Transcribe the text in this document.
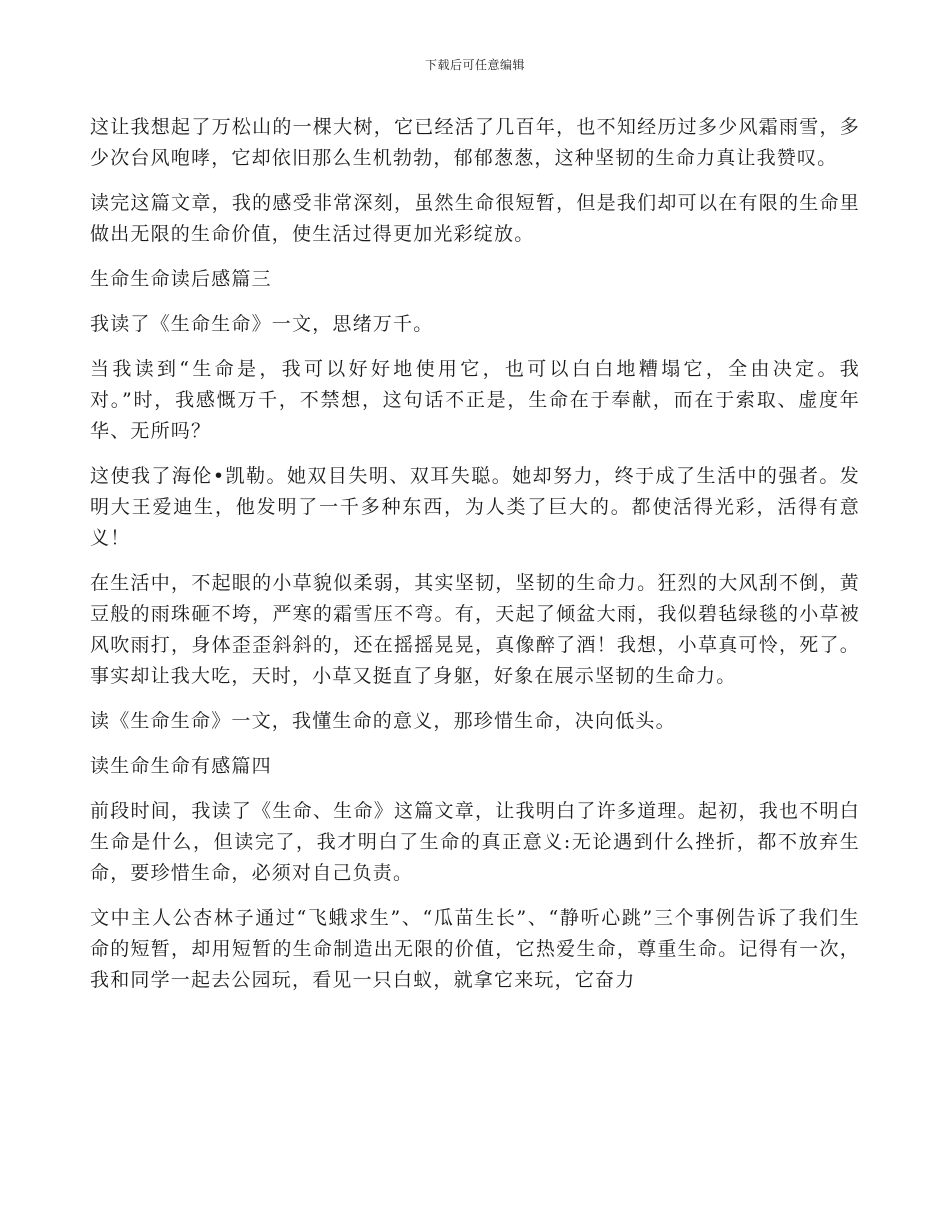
下载后可任意编辑

这让我想起了万松山的一棵大树，它已经活了几百年，也不知经历过多少风霜雨雪，多少次台风咆哮，它却依旧那么生机勃勃，郁郁葱葱，这种坚韧的生命力真让我赞叹。

读完这篇文章，我的感受非常深刻，虽然生命很短暂，但是我们却可以在有限的生命里做出无限的生命价值，使生活过得更加光彩绽放。

生命生命读后感篇三

我读了《生命生命》一文，思绪万千。

当我读到“生命是，我可以好好地使用它，也可以白白地糟塌它，全由决定。我对。”时，我感慨万千，不禁想，这句话不正是，生命在于奉献，而在于索取、虚度年华、无所吗？

这使我了海伦•凯勒。她双目失明、双耳失聪。她却努力，终于成了生活中的强者。发明大王爱迪生，他发明了一千多种东西，为人类了巨大的。都使活得光彩，活得有意义！

在生活中，不起眼的小草貌似柔弱，其实坚韧，坚韧的生命力。狂烈的大风刮不倒，黄豆般的雨珠砸不垮，严寒的霜雪压不弯。有，天起了倾盆大雨，我似碧毡绿毯的小草被风吹雨打，身体歪歪斜斜的，还在摇摇晃晃，真像醉了酒！我想，小草真可怜，死了。事实却让我大吃，天时，小草又挺直了身躯，好象在展示坚韧的生命力。

读《生命生命》一文，我懂生命的意义，那珍惜生命，决向低头。

读生命生命有感篇四

前段时间，我读了《生命、生命》这篇文章，让我明白了许多道理。起初，我也不明白生命是什么，但读完了，我才明白了生命的真正意义:无论遇到什么挫折，都不放弃生命，要珍惜生命，必须对自己负责。

文中主人公杏林子通过“飞蛾求生”、“瓜苗生长”、“静听心跳”三个事例告诉了我们生命的短暂，却用短暂的生命制造出无限的价值，它热爱生命，尊重生命。记得有一次，我和同学一起去公园玩，看见一只白蚁，就拿它来玩，它奋力
